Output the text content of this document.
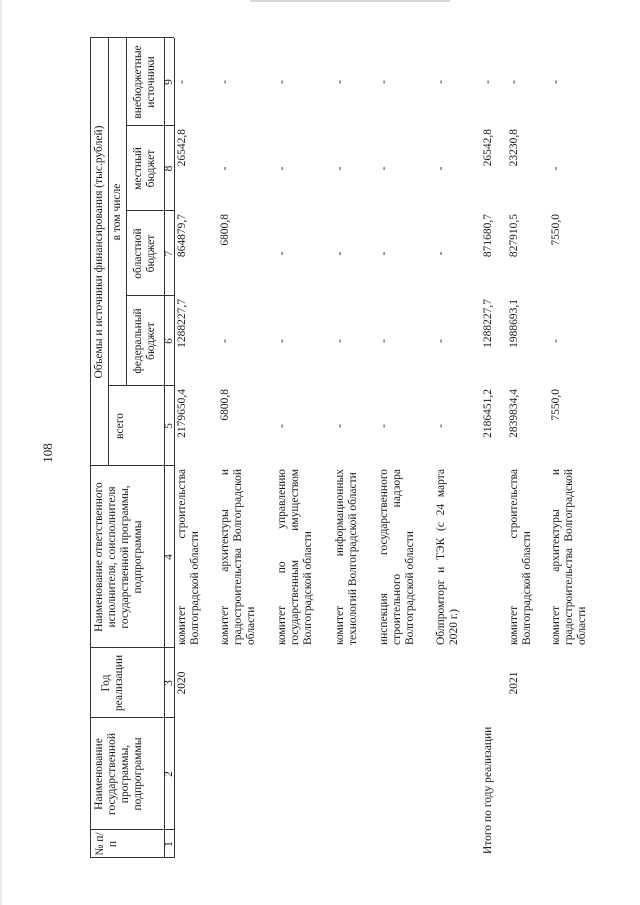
108
№ п/п
Наименование государственной программы, подпрограммы
Год реализации
Наименование ответственного исполнителя, соисполнителя государственной программы, подпрограммы
Объемы и источники финансирования (тыс.рублей)
всего
в том числе
федеральный бюджет
областной бюджет
местный бюджет
внебюджетные источники
1
2
3
4
5
6
7
8
9
2020
комитет строительства Волгоградской области
2179650,4
1288227,7
864879,7
26542,8
-
комитет архитектуры и градостроительства Волгоградской области
6800,8
-
6800,8
-
-
комитет по управлению государственным имуществом Волгоградской области
-
-
-
-
-
комитет информационных технологий Волгоградской области
-
-
-
-
-
инспекция государственного строительного надзора Волгоградской области
-
-
-
-
-
Облпромторг и ТЭК (с 24 марта 2020 г.)
-
-
-
-
-
Итого по году реализации
2186451,2
1288227,7
871680,7
26542,8
-
2021
комитет строительства Волгоградской области
2839834,4
1988693,1
827910,5
23230,8
-
комитет архитектуры и градостроительства Волгоградской области
7550,0
-
7550,0
-
-
